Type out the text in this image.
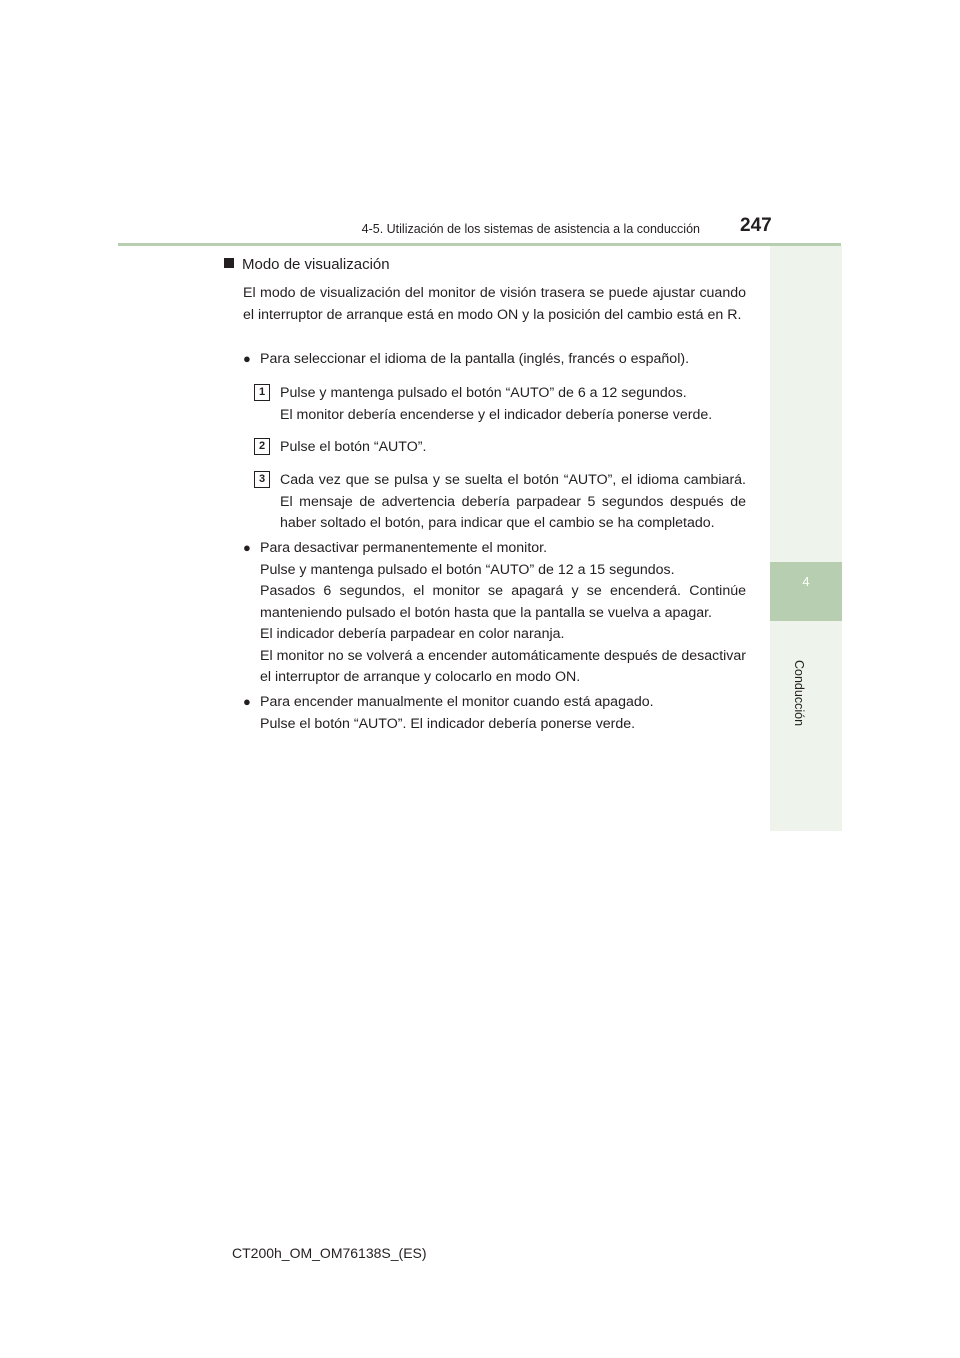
4-5. Utilización de los sistemas de asistencia a la conducción 247
4
Conducción
Modo de visualización
El modo de visualización del monitor de visión trasera se puede ajustar cuando el interruptor de arranque está en modo ON y la posición del cambio está en R.
● Para seleccionar el idioma de la pantalla (inglés, francés o español).
1	Pulse y mantenga pulsado el botón “AUTO” de 6 a 12 segundos.
El monitor debería encenderse y el indicador debería ponerse verde.
2	Pulse el botón “AUTO”.
3	Cada vez que se pulsa y se suelta el botón “AUTO”, el idioma cambiará. El mensaje de advertencia debería parpadear 5 segundos después de haber soltado el botón, para indicar que el cambio se ha completado.
● Para desactivar permanentemente el monitor.
Pulse y mantenga pulsado el botón “AUTO” de 12 a 15 segundos.
Pasados 6 segundos, el monitor se apagará y se encenderá. Continúe manteniendo pulsado el botón hasta que la pantalla se vuelva a apagar.
El indicador debería parpadear en color naranja.
El monitor no se volverá a encender automáticamente después de desactivar el interruptor de arranque y colocarlo en modo ON.
● Para encender manualmente el monitor cuando está apagado.
Pulse el botón “AUTO”. El indicador debería ponerse verde.
CT200h_OM_OM76138S_(ES)
